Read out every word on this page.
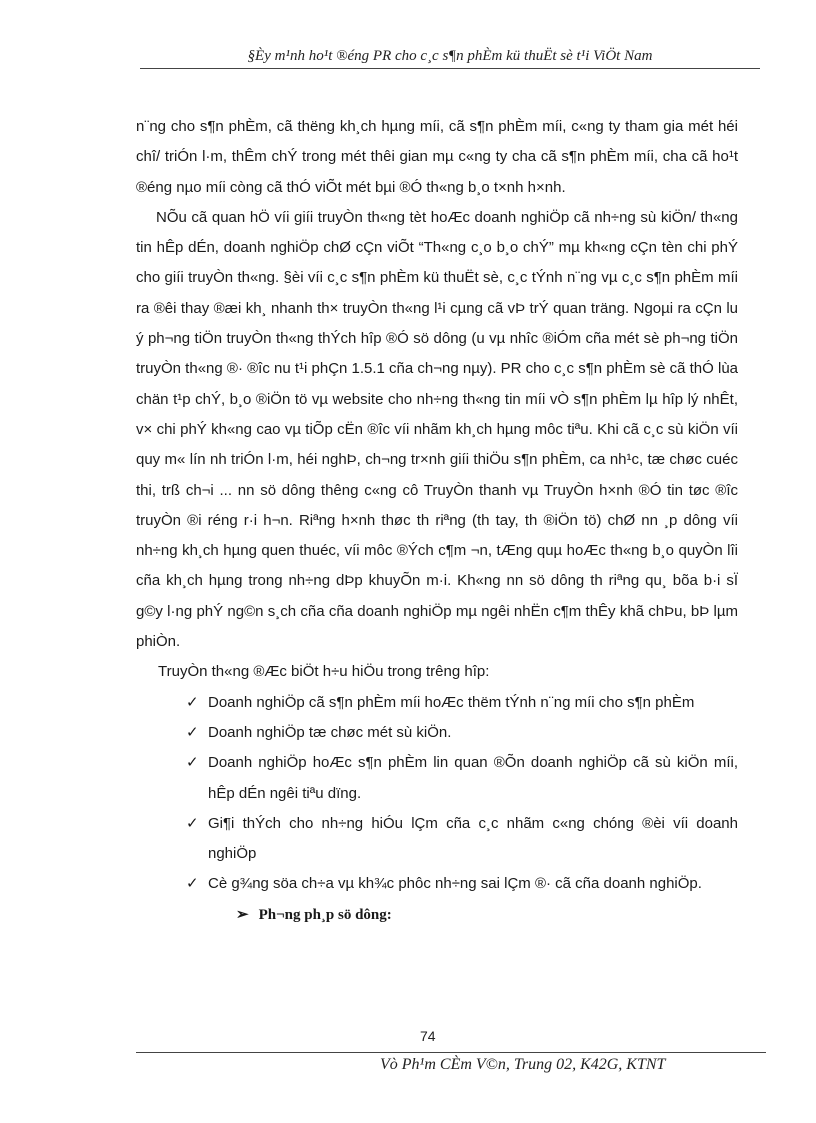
§Èy m¹nh ho¹t ®éng PR cho c¸c s¶n phÈm kü thuËt sè t¹i ViÖt Nam

n¨ng cho s¶n phÈm, cã thëng kh¸ch hµng míi, cã s¶n phÈm míi, c«ng ty tham gia mét héi chî/ triÓn l·m, thÊm chÝ trong mét thêi gian mµ c«ng ty cha cã s¶n phÈm míi, cha cã ho¹t ®éng nµo míi còng cã thÓ viÕt mét bµi ®Ó th«ng b¸o t×nh h×nh.

NÕu cã quan hÖ víi giíi truyÒn th«ng tèt hoÆc doanh nghiÖp cã nh÷ng sù kiÖn/ th«ng tin hÊp dÉn, doanh nghiÖp chØ cÇn viÕt “Th«ng c¸o b¸o chÝ” mµ kh«ng cÇn tèn chi phÝ cho giíi truyÒn th«ng. §èi víi c¸c s¶n phÈm kü thuËt sè, c¸c tÝnh n¨ng vµ c¸c s¶n phÈm míi ra ®êi thay ®æi kh¸ nhanh th× truyÒn th«ng l¹i cµng cã vÞ trÝ quan träng. Ngoµi ra cÇn lu ý ph¬ng tiÖn truyÒn th«ng thÝch hîp ®Ó sö dông (u vµ nhîc ®iÓm cña mét sè ph¬ng tiÖn truyÒn th«ng ®· ®îc nu t¹i phÇn 1.5.1 cña ch¬ng nµy). PR cho c¸c s¶n phÈm sè cã thÓ lùa chän t¹p chÝ, b¸o ®iÖn tö vµ website cho nh÷ng th«ng tin míi vÒ s¶n phÈm lµ hîp lý nhÊt, v× chi phÝ kh«ng cao vµ tiÕp cËn ®îc víi nhãm kh¸ch hµng môc tiªu. Khi cã c¸c sù kiÖn víi quy m« lín nh triÓn l·m, héi nghÞ, ch¬ng tr×nh giíi thiÖu s¶n phÈm, ca nh¹c, tæ chøc cuéc thi, trß ch¬i ... nn sö dông thêng c«ng cô TruyÒn thanh vµ TruyÒn h×nh ®Ó tin tøc ®îc truyÒn ®i réng r·i h¬n. Riªng h×nh thøc th riªng (th tay, th ®iÖn tö) chØ nn ¸p dông víi nh÷ng kh¸ch hµng quen thuéc, víi môc ®Ých c¶m ¬n, tÆng quµ hoÆc th«ng b¸o quyÒn lîi cña kh¸ch hµng trong nh÷ng dÞp khuyÕn m·i. Kh«ng nn sö dông th riªng qu¸ bõa b·i sÏ g©y l·ng phÝ ng©n s¸ch cña cña doanh nghiÖp mµ ngêi nhËn c¶m thÊy khã chÞu, bÞ lµm phiÒn.

TruyÒn th«ng ®Æc biÖt h÷u hiÖu trong trêng hîp:

✓ Doanh nghiÖp cã s¶n phÈm míi hoÆc thëm tÝnh n¨ng míi cho s¶n phÈm
✓ Doanh nghiÖp tæ chøc mét sù kiÖn.
✓ Doanh nghiÖp hoÆc s¶n phÈm lin quan ®Õn doanh nghiÖp cã sù kiÖn míi, hÊp dÉn ngêi tiªu dïng.
✓ Gi¶i thÝch cho nh÷ng hiÓu lÇm cña c¸c nhãm c«ng chóng ®èi víi doanh nghiÖp
✓ Cè g¾ng söa ch÷a vµ kh¾c phôc nh÷ng sai lÇm ®· cã cña doanh nghiÖp.

➢ Ph¬ng ph¸p sö dông:

74
Vò Ph¹m CÈm V©n, Trung 02, K42G, KTNT
